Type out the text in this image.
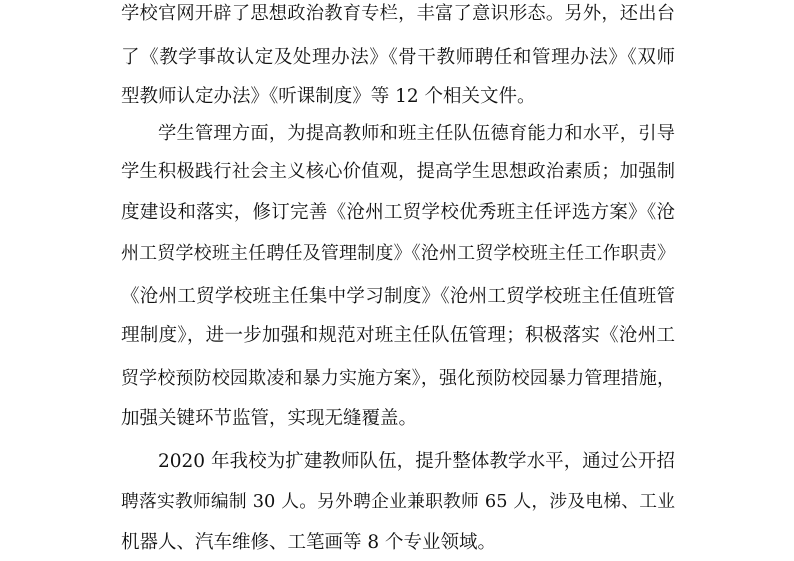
学校官网开辟了思想政治教育专栏，丰富了意识形态。另外，还出台
了《教学事故认定及处理办法》《骨干教师聘任和管理办法》《双师
型教师认定办法》《听课制度》等 12 个相关文件。
学生管理方面，为提高教师和班主任队伍德育能力和水平，引导
学生积极践行社会主义核心价值观，提高学生思想政治素质；加强制
度建设和落实，修订完善《沧州工贸学校优秀班主任评选方案》《沧
州工贸学校班主任聘任及管理制度》《沧州工贸学校班主任工作职责》
《沧州工贸学校班主任集中学习制度》《沧州工贸学校班主任值班管
理制度》，进一步加强和规范对班主任队伍管理；积极落实《沧州工
贸学校预防校园欺凌和暴力实施方案》，强化预防校园暴力管理措施，
加强关键环节监管，实现无缝覆盖。
2020 年我校为扩建教师队伍，提升整体教学水平，通过公开招
聘落实教师编制 30 人。另外聘企业兼职教师 65 人，涉及电梯、工业
机器人、汽车维修、工笔画等 8 个专业领域。
